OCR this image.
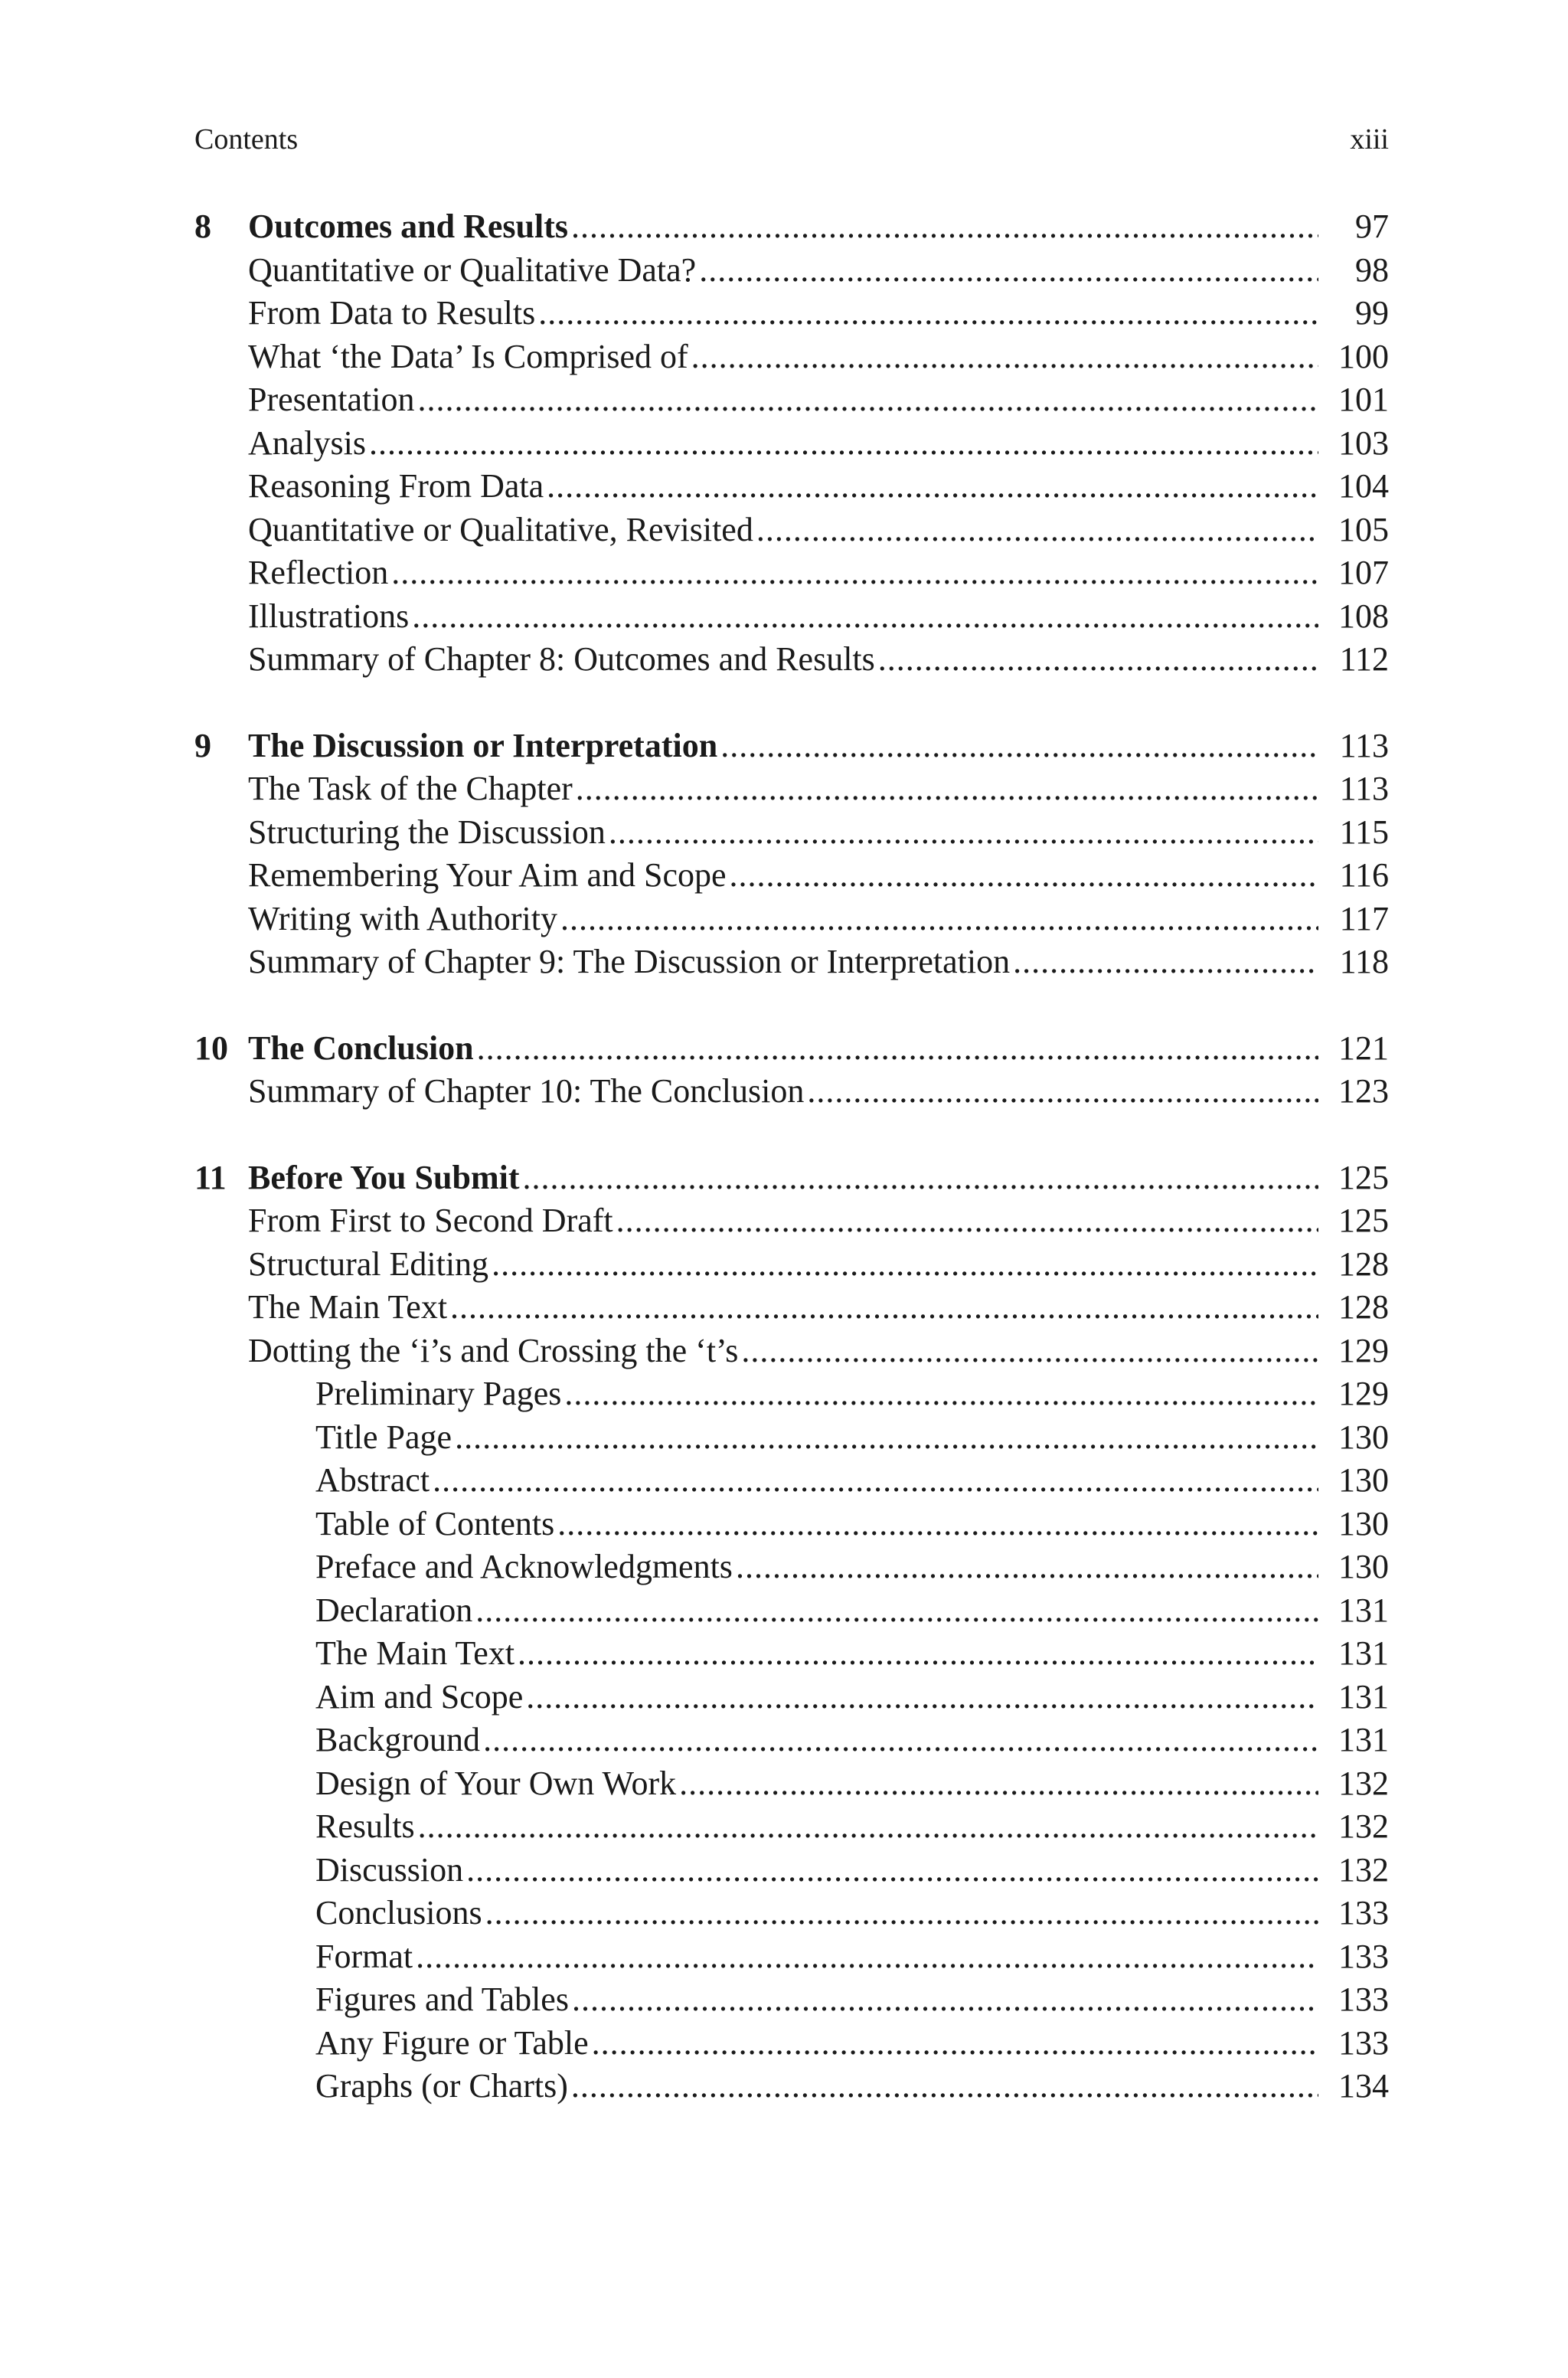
Contents	xiii
8	Outcomes and Results .....	97
Quantitative or Qualitative Data? .....	98
From Data to Results .....	99
What ‘the Data’ Is Comprised of .....	100
Presentation .....	101
Analysis .....	103
Reasoning From Data .....	104
Quantitative or Qualitative, Revisited .....	105
Reflection .....	107
Illustrations .....	108
Summary of Chapter 8: Outcomes and Results .....	112
9	The Discussion or Interpretation .....	113
The Task of the Chapter .....	113
Structuring the Discussion .....	115
Remembering Your Aim and Scope .....	116
Writing with Authority .....	117
Summary of Chapter 9: The Discussion or Interpretation .....	118
10 The Conclusion .....	121
Summary of Chapter 10: The Conclusion .....	123
11 Before You Submit .....	125
From First to Second Draft .....	125
Structural Editing .....	128
The Main Text .....	128
Dotting the ‘i’s and Crossing the ‘t’s .....	129
Preliminary Pages .....	129
Title Page .....	130
Abstract .....	130
Table of Contents .....	130
Preface and Acknowledgments .....	130
Declaration .....	131
The Main Text .....	131
Aim and Scope .....	131
Background .....	131
Design of Your Own Work .....	132
Results .....	132
Discussion .....	132
Conclusions .....	133
Format .....	133
Figures and Tables .....	133
Any Figure or Table .....	133
Graphs (or Charts) .....	134
